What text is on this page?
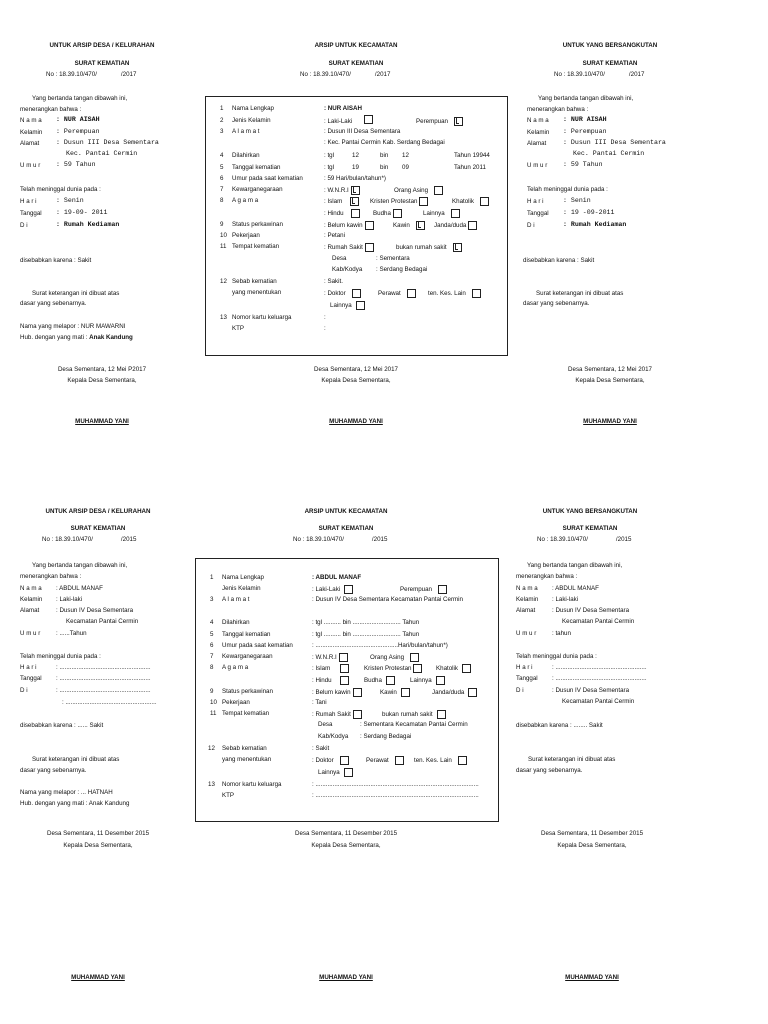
UNTUK ARSIP DESA / KELURAHAN	ARSIP UNTUK KECAMATAN	UNTUK YANG BERSANGKUTAN
SURAT KEMATIAN	SURAT KEMATIAN	SURAT KEMATIAN
No : 18.39.10/470/	/2017	No : 18.39.10/470/	/2017	No : 18.39.10/470/	/2017
Yang bertanda tangan dibawah ini,
menerangkan bahwa :
N a m a : NUR AISAH
Kelamin : Perempuan
Alamat	: Dusun III Desa Sementara
Kec. Pantai Cermin
U m u r : 59 Tahun
Telah meninggal dunia pada :
H a r i	: Senin
Tanggal : 19-09- 2011
D i	: Rumah Kediaman
disebabkan karena : Sakit
Surat keterangan ini dibuat atas
dasar yang sebenarnya.
Nama yang melapor : NUR MAWARNI
Hub. dengan yang mati : Anak Kandung
Yang bertanda tangan dibawah ini,
menerangkan bahwa :
N a m a : NUR AISAH
Kelamin : Perempuan
Alamat	: Dusun III Desa Sementara
Kec. Pantai Cermin
U m u r : 59 Tahun
Telah meninggal dunia pada :
H a r i	: Senin
Tanggal : 19 -09-2011
D i	: Rumah Kediaman
disebabkan karena : Sakit
Surat keterangan ini dibuat atas
dasar yang sebenarnya.
1 Nama Lengkap	: NUR AISAH
2 Jenis Kelamin	: Laki-Laki	Perempuan
3 A l a m a t	: Dusun III Desa Sementara
: Kec. Pantai Cermin Kab. Serdang Bedagai
4 Dilahirkan	: tgl	12	bin 12	Tahun 19944
5 Tanggal kematian	: tgl	19	bin 09	Tahun 2011
6 Umur pada saat kematian	: 59 Hari/bulan/tahun*)
7 Kewarganegaraan	: W.N.R.I	Orang Asing
8 A g a m a	: Islam	Kristen Protestan	Khatolik
: Hindu	Budha	Lainnya
9 Status perkawinan	: Belum kawin	Kawin	Janda/duda
10 Pekerjaan	: Petani
11 Tempat kematian	: Rumah Sakit	bukan rumah sakit
Desa	: Sementara
Kab/Kodya : Serdang Bedagai
12 Sebab kematian	: Sakit.
yang menentukan	: Doktor	Perawat	ten. Kes. Lain
Lainnya
13 Nomor kartu keluarga	:
KTP	:
Desa Sementara, 12 Mei P2017	Desa Sementara, 12 Mei 2017	Desa Sementara, 12 Mei 2017
Kepala Desa Sementara,	Kepala Desa Sementara,	Kepala Desa Sementara,
MUHAMMAD YANI	MUHAMMAD YANI	MUHAMMAD YANI
UNTUK ARSIP DESA / KELURAHAN	ARSIP UNTUK KECAMATAN	UNTUK YANG BERSANGKUTAN
SURAT KEMATIAN	SURAT KEMATIAN	SURAT KEMATIAN
No : 18.39.10/470/	/2015	No : 18.39.10/470/	/2015	No : 18.39.10/470/	/2015
Yang bertanda tangan dibawah ini,
menerangkan bahwa :
N a m a : ABDUL MANAF
Kelamin : Laki-laki
Alamat	: Dusun IV Desa Sementara
Kecamatan Pantai Cermin
U m u r	: ......Tahun
Telah meninggal dunia pada :
H a r i	: .....................................................
Tanggal : .....................................................
D i	: .....................................................
: .....................................................
disebabkan karena : ...... Sakit
Surat keterangan ini dibuat atas
dasar yang sebenarnya.
Nama yang melapor : ... HATNAH
Hub. dengan yang mati : Anak Kandung
Yang bertanda tangan dibawah ini,
menerangkan bahwa :
N a m a : ABDUL MANAF
Kelamin : Laki-laki
Alamat	: Dusun IV Desa Sementara
Kecamatan Pantai Cermin
U m u r	: tahun
Telah meninggal dunia pada :
H a r i	: .....................................................
Tanggal : .....................................................
D i	: Dusun IV Desa Sementara
Kecamatan Pantai Cermin
disebabkan karena : ........ Sakit
Surat keterangan ini dibuat atas
dasar yang sebenarnya.
1 Nama Lengkap	: ABDUL MANAF
Jenis Kelamin	: Laki-Laki	Perempuan
3 A l a m a t	: Dusun IV Desa Sementara Kecamatan Pantai Cermin
4 Dilahirkan	: tgl .......... bin ............................ Tahun
5 Tanggal kematian	: tgl .......... bin ............................ Tahun
6 Umur pada saat kematian	: ................................................Hari/bulan/tahun*)
7 Kewarganegaraan	: W.N.R.I	Orang Asing
8 A g a m a	: Islam	Kristen Protestan	Khatolik
: Hindu	Budha	Lainnya
9 Status perkawinan	: Belum kawin	Kawin	Janda/duda
10 Pekerjaan	: Tani
11 Tempat kematian	: Rumah Sakit	bukan rumah sakit
Desa	: Sementara Kecamatan Pantai Cermin
Kab/Kodya : Serdang Bedagai
12 Sebab kematian	: Sakit
yang menentukan	: Doktor	Perawat	ten. Kes. Lain
Lainnya
13 Nomor kartu keluarga	: ...............................................................................................
KTP	: ...............................................................................................
Desa Sementara, 11 Desember 2015	Desa Sementara, 11 Desember 2015	Desa Sementara, 11 Desember 2015
Kepala Desa Sementara,	Kepala Desa Sementara,	Kepala Desa Sementara,
MUHAMMAD YANI	MUHAMMAD YANI	MUHAMMAD YANI
